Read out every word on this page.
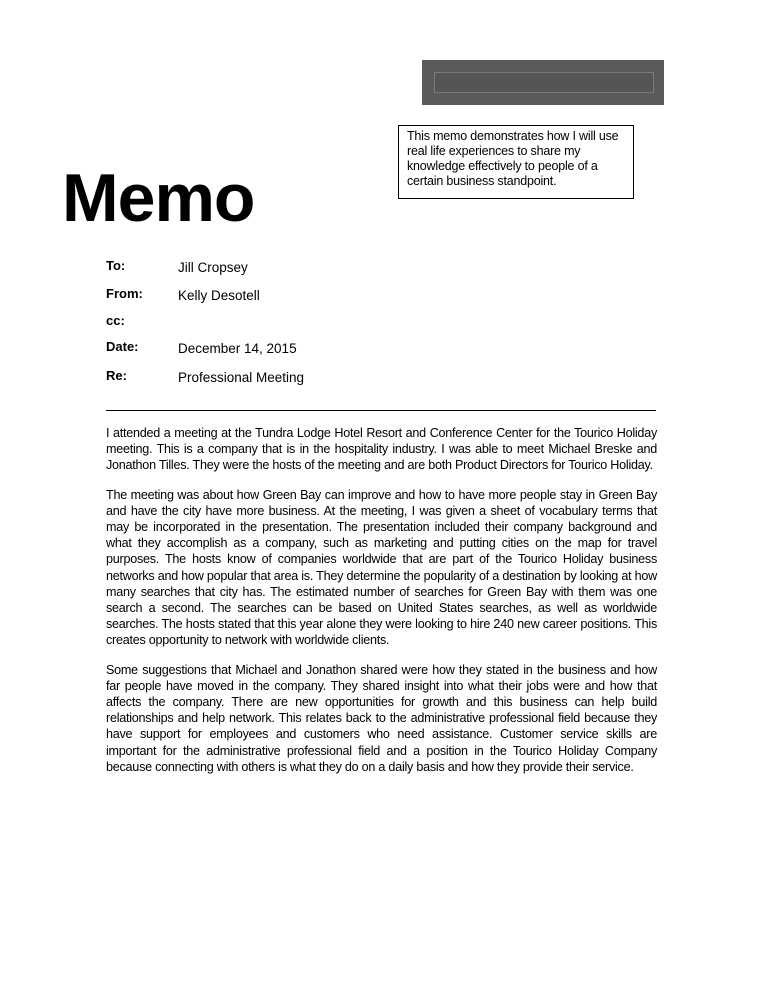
This memo demonstrates how I will use real life experiences to share my knowledge effectively to people of a certain business standpoint.
Memo
To:	Jill Cropsey
From:	Kelly Desotell
cc:
Date:	December 14, 2015
Re:	Professional Meeting

I attended a meeting at the Tundra Lodge Hotel Resort and Conference Center for the Tourico Holiday meeting. This is a company that is in the hospitality industry. I was able to meet Michael Breske and Jonathon Tilles. They were the hosts of the meeting and are both Product Directors for Tourico Holiday.

The meeting was about how Green Bay can improve and how to have more people stay in Green Bay and have the city have more business. At the meeting, I was given a sheet of vocabulary terms that may be incorporated in the presentation. The presentation included their company background and what they accomplish as a company, such as marketing and putting cities on the map for travel purposes. The hosts know of companies worldwide that are part of the Tourico Holiday business networks and how popular that area is. They determine the popularity of a destination by looking at how many searches that city has. The estimated number of searches for Green Bay with them was one search a second. The searches can be based on United States searches, as well as worldwide searches. The hosts stated that this year alone they were looking to hire 240 new career positions. This creates opportunity to network with worldwide clients.

Some suggestions that Michael and Jonathon shared were how they stated in the business and how far people have moved in the company. They shared insight into what their jobs were and how that affects the company. There are new opportunities for growth and this business can help build relationships and help network. This relates back to the administrative professional field because they have support for employees and customers who need assistance. Customer service skills are important for the administrative professional field and a position in the Tourico Holiday Company because connecting with others is what they do on a daily basis and how they provide their service.
